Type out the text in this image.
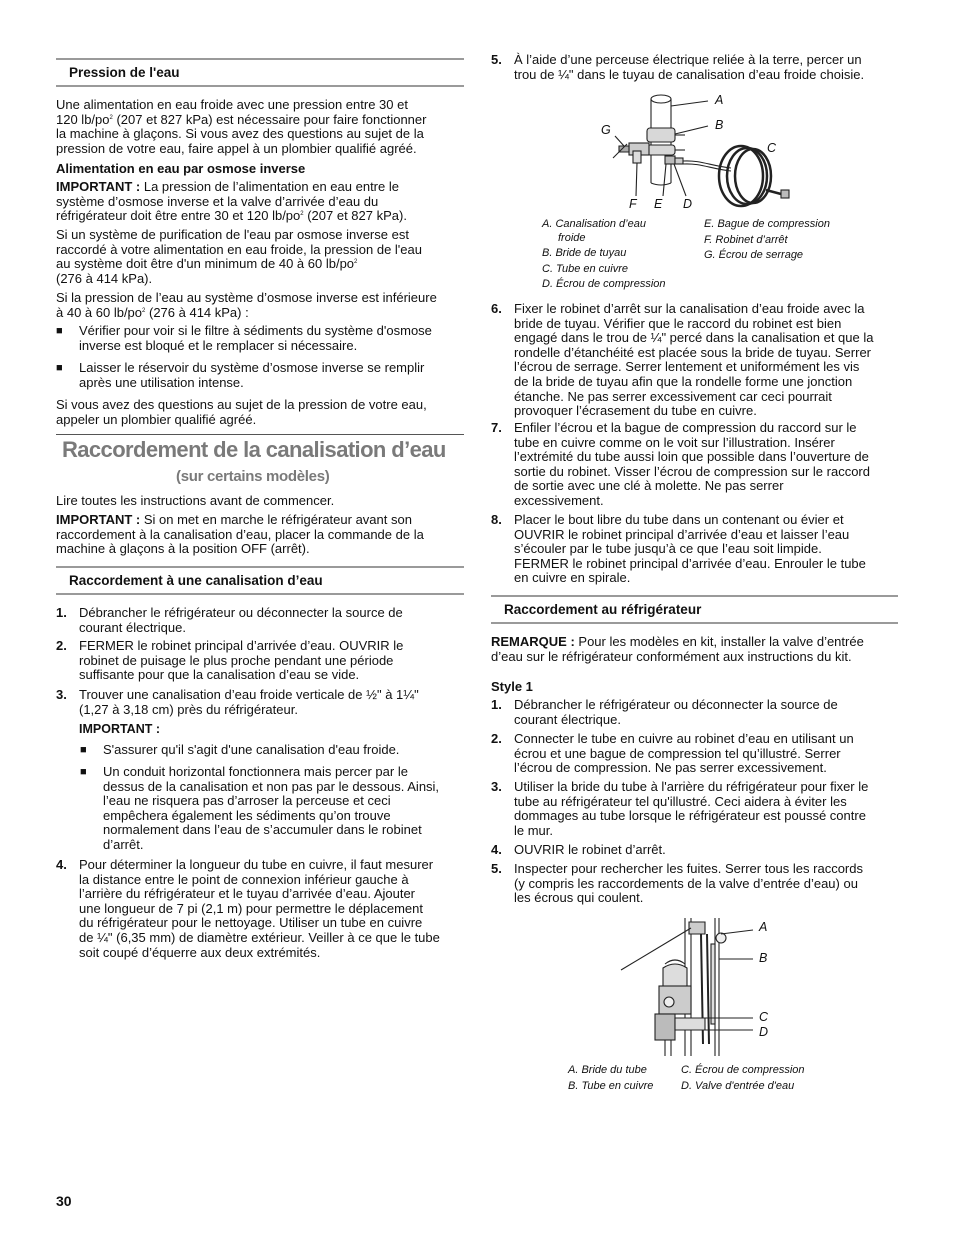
Pression de l'eau

Une alimentation en eau froide avec une pression entre 30 et

120 $lb/po^2$ (207 et 827 kPa) est nécessaire pour faire fonctionner

la machine à glaçons. Si vous avez des questions au sujet de la

pression de votre eau, faire appel à un plombier qualifié agréé.

Alimentation en eau par osmose inverse

IMPORTANT : La pression de l’alimentation en eau entre le

système d’osmose inverse et la valve d’arrivée d’eau du

réfrigérateur doit être entre 30 et 120 $lb/po^2$ (207 et 827 kPa).

Si un système de purification de l'eau par osmose inverse est

raccordé à votre alimentation en eau froide, la pression de l'eau

au système doit être d'un minimum de 40 à 60 $lb/po^2$

(276 à 414 kPa).

Si la pression de l’eau au système d’osmose inverse est inférieure

à 40 à 60 $lb/po^2$ (276 à 414 kPa) :

■ Vérifier pour voir si le filtre à sédiments du système d'osmose

inverse est bloqué et le remplacer si nécessaire.

■ Laisser le réservoir du système d’osmose inverse se remplir

après une utilisation intense.

Si vous avez des questions au sujet de la pression de votre eau,

appeler un plombier qualifié agréé.

Raccordement de la canalisation d’eau
(sur certains modèles)
Lire toutes les instructions avant de commencer.

IMPORTANT : Si on met en marche le réfrigérateur avant son

raccordement à la canalisation d’eau, placer la commande de la

machine à glaçons à la position OFF (arrêt).

Raccordement à une canalisation d’eau
1. Débrancher le réfrigérateur ou déconnecter la source de

courant électrique.

2. FERMER le robinet principal d’arrivée d’eau. OUVRIR le

robinet de puisage le plus proche pendant une période

suffisante pour que la canalisation d’eau se vide.

3. Trouver une canalisation d’eau froide verticale de ½" à 1¼"

(1,27 à 3,18 cm) près du réfrigérateur.

IMPORTANT :
■ S'assurer qu'il s'agit d'une canalisation d'eau froide.

■ Un conduit horizontal fonctionnera mais percer par le

dessus de la canalisation et non pas par le dessous. Ainsi,

l’eau ne risquera pas d’arroser la perceuse et ceci

empêchera également les sédiments qu’on trouve

normalement dans l’eau de s’accumuler dans le robinet

d’arrêt.

4. Pour déterminer la longueur du tube en cuivre, il faut mesurer

la distance entre le point de connexion inférieur gauche à

l’arrière du réfrigérateur et le tuyau d’arrivée d’eau. Ajouter

une longueur de 7 pi (2,1 m) pour permettre le déplacement

du réfrigérateur pour le nettoyage. Utiliser un tube en cuivre

de ¼" (6,35 mm) de diamètre extérieur. Veiller à ce que le tube

soit coupé d’équerre aux deux extrémités.

5. À l’aide d’une perceuse électrique reliée à la terre, percer un

trou de ¼" dans le tuyau de canalisation d’eau froide choisie.

A
B
C
D
E
F
G
A. Canalisation d’eau
froide
B. Bride de tuyau
C. Tube en cuivre
D. Écrou de compression
E. Bague de compression
F. Robinet d’arrêt
G. Écrou de serrage
6. Fixer le robinet d’arrêt sur la canalisation d’eau froide avec la

bride de tuyau. Vérifier que le raccord du robinet est bien

engagé dans le trou de ¼" percé dans la canalisation et que la

rondelle d’étanchéité est placée sous la bride de tuyau. Serrer

l’écrou de serrage. Serrer lentement et uniformément les vis

de la bride de tuyau afin que la rondelle forme une jonction

étanche. Ne pas serrer excessivement car ceci pourrait

provoquer l’écrasement du tube en cuivre.

7. Enfiler l’écrou et la bague de compression du raccord sur le

tube en cuivre comme on le voit sur l’illustration. Insérer

l’extrémité du tube aussi loin que possible dans l’ouverture de

sortie du robinet. Visser l’écrou de compression sur le raccord

de sortie avec une clé à molette. Ne pas serrer

excessivement.

8. Placer le bout libre du tube dans un contenant ou évier et

OUVRIR le robinet principal d’arrivée d’eau et laisser l’eau

s’écouler par le tube jusqu’à ce que l’eau soit limpide.

FERMER le robinet principal d’arrivée d’eau. Enrouler le tube

en cuivre en spirale.

Raccordement au réfrigérateur

REMARQUE : Pour les modèles en kit, installer la valve d’entrée

d’eau sur le réfrigérateur conformément aux instructions du kit.

Style 1
1. Débrancher le réfrigérateur ou déconnecter la source de

courant électrique.

2. Connecter le tube en cuivre au robinet d’eau en utilisant un

écrou et une bague de compression tel qu’illustré. Serrer

l’écrou de compression. Ne pas serrer excessivement.

3. Utiliser la bride du tube à l'arrière du réfrigérateur pour fixer le

tube au réfrigérateur tel qu'illustré. Ceci aidera à éviter les

dommages au tube lorsque le réfrigérateur est poussé contre

le mur.

4. OUVRIR le robinet d’arrêt.

5. Inspecter pour rechercher les fuites. Serrer tous les raccords

(y compris les raccordements de la valve d’entrée d’eau) ou

les écrous qui coulent.

A
B
C
D
A. Bride du tube
B. Tube en cuivre
C. Écrou de compression
D. Valve d'entrée d'eau
30
